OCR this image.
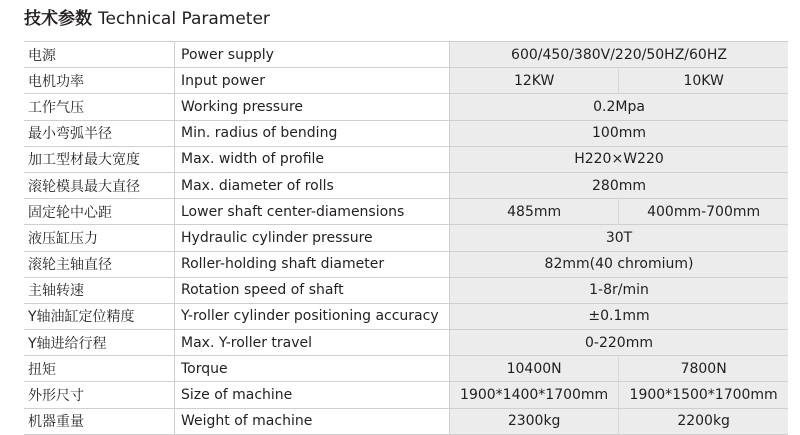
技术参数 Technical Parameter
电源	Power supply	600/450/380V/220/50HZ/60HZ	
电机功率	Input power	12KW	10KW
工作气压	Working pressure	0.2Mpa	
最小弯弧半径	Min. radius of bending	100mm	
加工型材最大宽度	Max. width of profile	H220×W220	
滚轮模具最大直径	Max. diameter of rolls	280mm	
固定轮中心距	Lower shaft center-diamensions	485mm	400mm-700mm
液压缸压力	Hydraulic cylinder pressure	30T	
滚轮主轴直径	Roller-holding shaft diameter	82mm(40 chromium)	
主轴转速	Rotation speed of shaft	1-8r/min	
Y轴油缸定位精度	Y-roller cylinder positioning accuracy	±0.1mm	
Y轴进给行程	Max. Y-roller travel	0-220mm	
扭矩	Torque	10400N	7800N
外形尺寸	Size of machine	1900*1400*1700mm	1900*1500*1700mm
机器重量	Weight of machine	2300kg	2200kg
